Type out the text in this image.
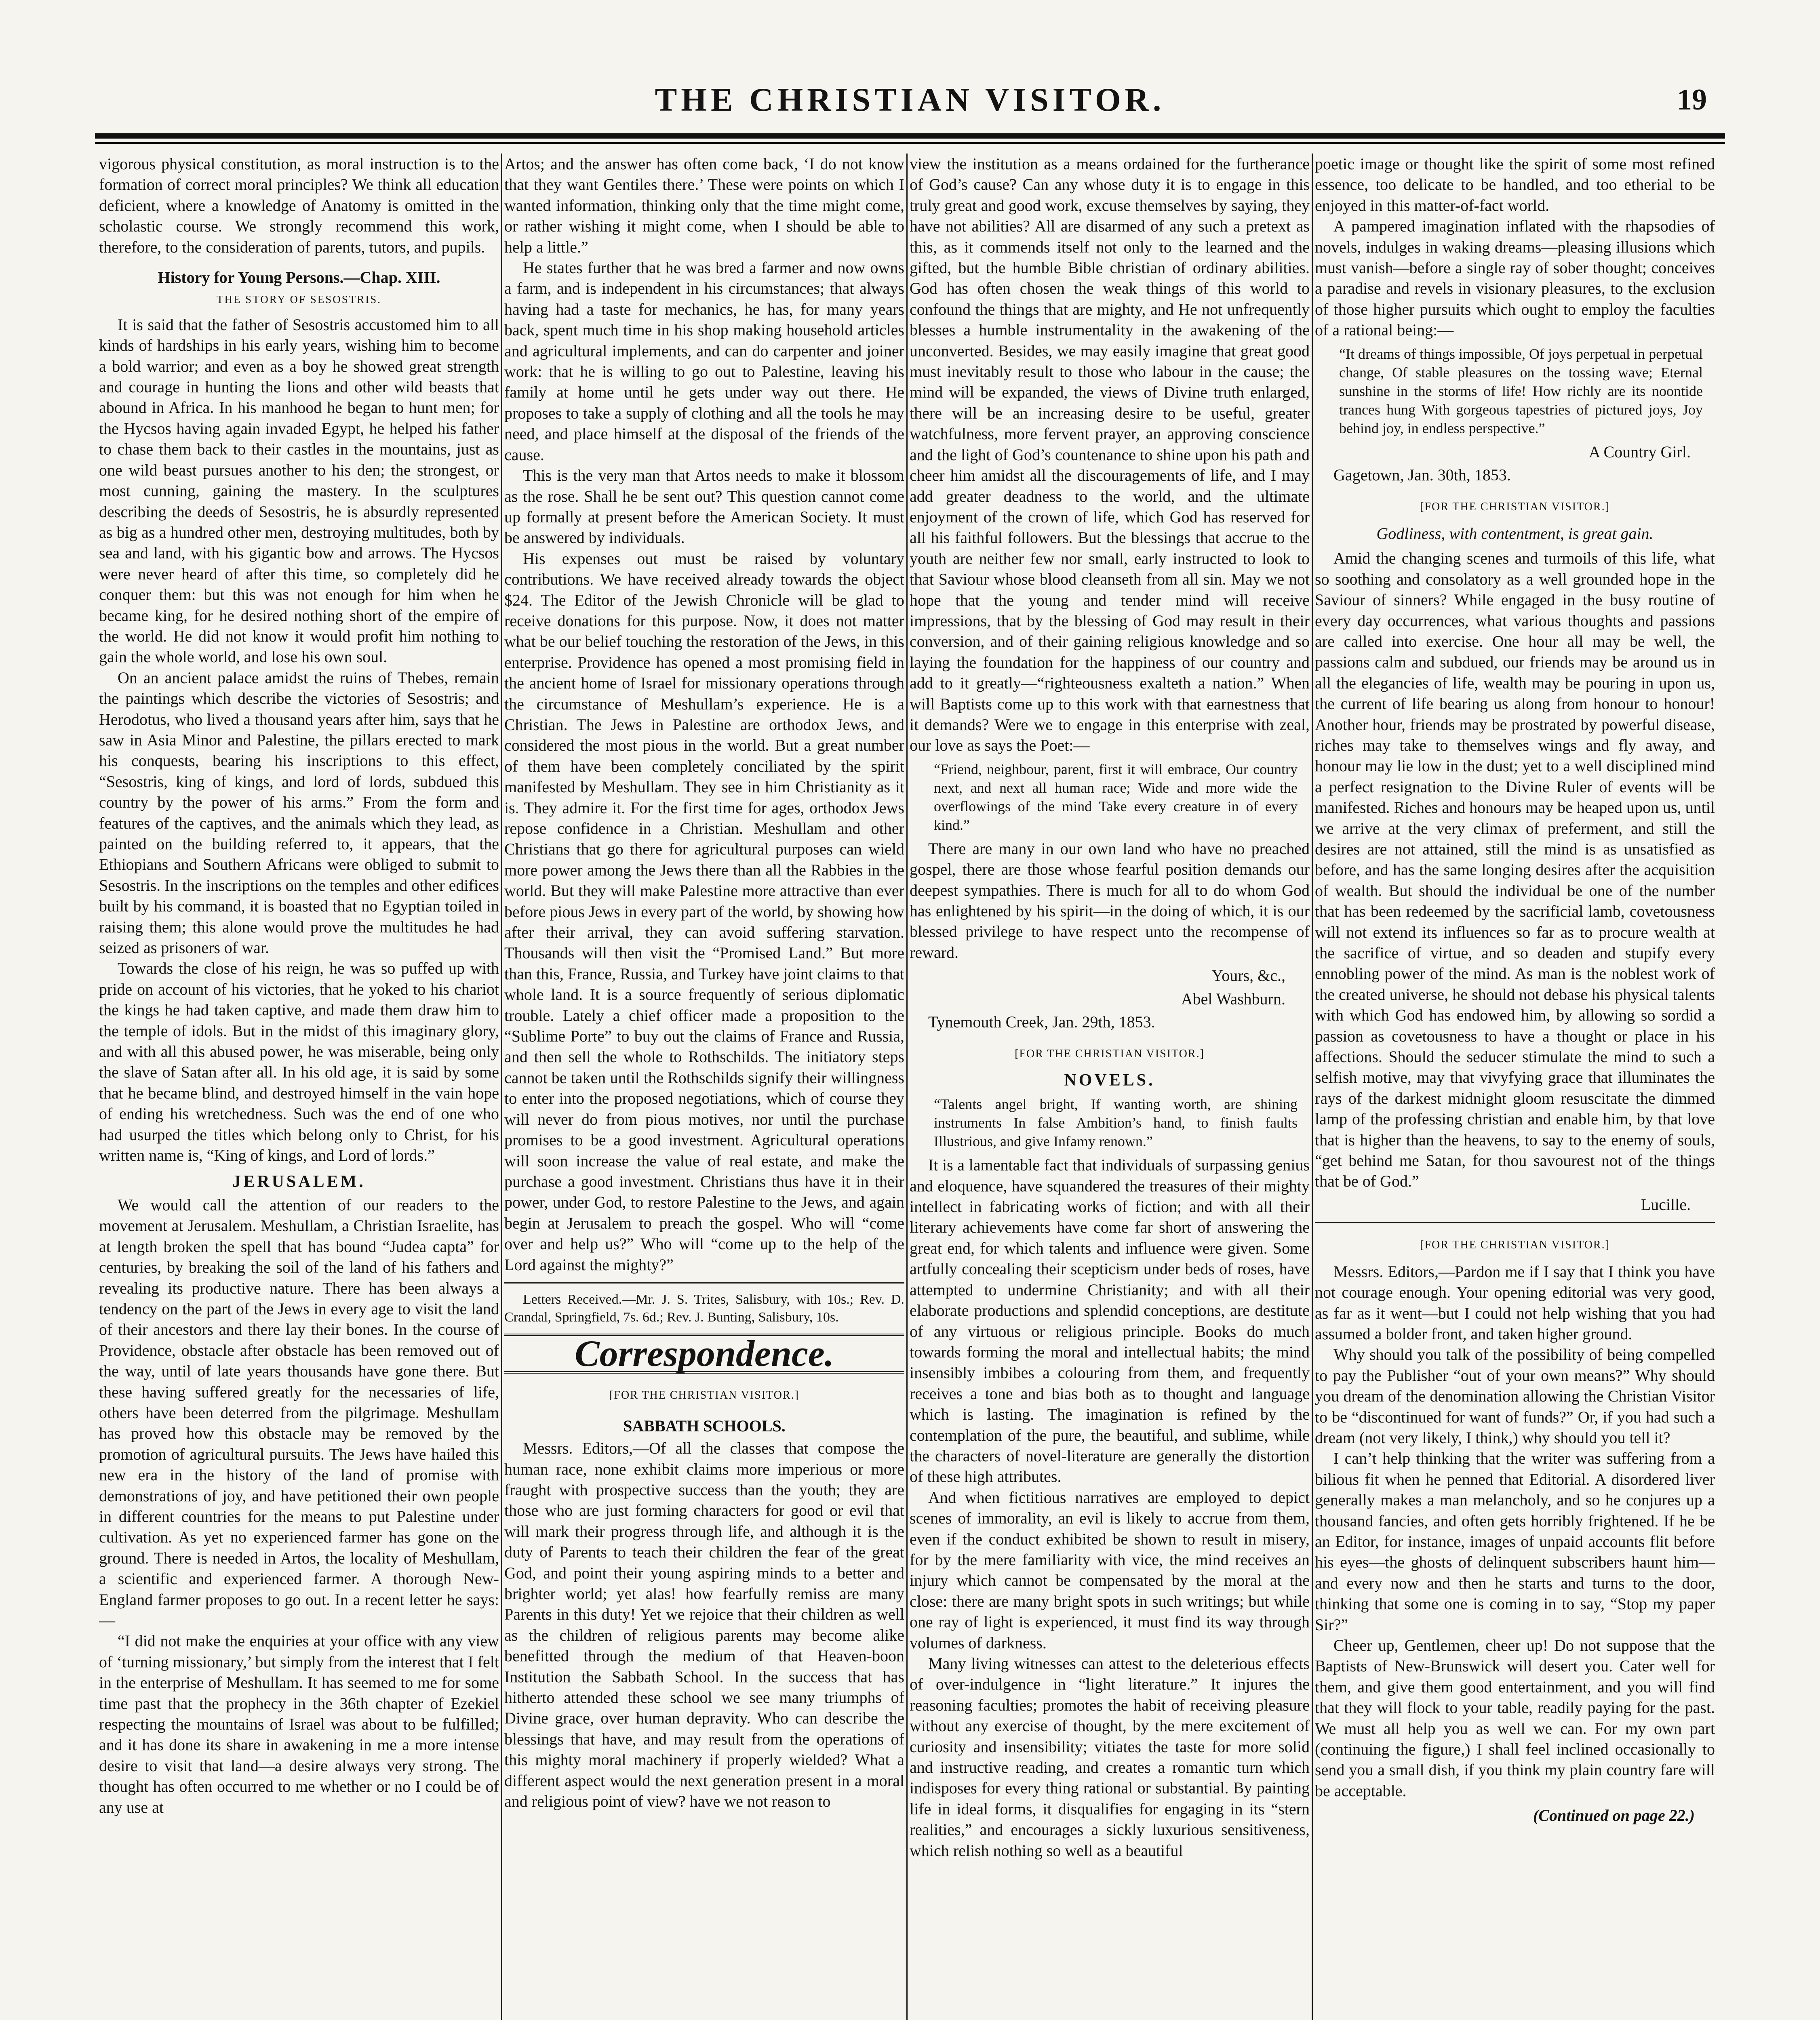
THE CHRISTIAN VISITOR.	19

vigorous physical constitution, as moral instruction is to the formation of correct moral principles? We think all education deficient, where a knowledge of Anatomy is omitted in the scholastic course. We strongly recommend this work, therefore, to the consideration of parents, tutors, and pupils.

History for Young Persons.—Chap. XIII.
THE STORY OF SESOSTRIS.

It is said that the father of Sesostris accustomed him to all kinds of hardships in his early years, wishing him to become a bold warrior; and even as a boy he showed great strength and courage in hunting the lions and other wild beasts that abound in Africa. In his manhood he began to hunt men; for the Hycsos having again invaded Egypt, he helped his father to chase them back to their castles in the mountains, just as one wild beast pursues another to his den; the strongest, or most cunning, gaining the mastery. In the sculptures describing the deeds of Sesostris, he is absurdly represented as big as a hundred other men, destroying multitudes, both by sea and land, with his gigantic bow and arrows. The Hycsos were never heard of after this time, so completely did he conquer them: but this was not enough for him when he became king, for he desired nothing short of the empire of the world. He did not know it would profit him nothing to gain the whole world, and lose his own soul.

On an ancient palace amidst the ruins of Thebes, remain the paintings which describe the victories of Sesostris; and Herodotus, who lived a thousand years after him, says that he saw in Asia Minor and Palestine, the pillars erected to mark his conquests, bearing his inscriptions to this effect, “Sesostris, king of kings, and lord of lords, subdued this country by the power of his arms.” From the form and features of the captives, and the animals which they lead, as painted on the building referred to, it appears, that the Ethiopians and Southern Africans were obliged to submit to Sesostris. In the inscriptions on the temples and other edifices built by his command, it is boasted that no Egyptian toiled in raising them; this alone would prove the multitudes he had seized as prisoners of war.

Towards the close of his reign, he was so puffed up with pride on account of his victories, that he yoked to his chariot the kings he had taken captive, and made them draw him to the temple of idols. But in the midst of this imaginary glory, and with all this abused power, he was miserable, being only the slave of Satan after all. In his old age, it is said by some that he became blind, and destroyed himself in the vain hope of ending his wretchedness. Such was the end of one who had usurped the titles which belong only to Christ, for his written name is, “King of kings, and Lord of lords.”

JERUSALEM.

We would call the attention of our readers to the movement at Jerusalem. Meshullam, a Christian Israelite, has at length broken the spell that has bound “Judea capta” for centuries, by breaking the soil of the land of his fathers and revealing its productive nature. There has been always a tendency on the part of the Jews in every age to visit the land of their ancestors and there lay their bones. In the course of Providence, obstacle after obstacle has been removed out of the way, until of late years thousands have gone there. But these having suffered greatly for the necessaries of life, others have been deterred from the pilgrimage. Meshullam has proved how this obstacle may be removed by the promotion of agricultural pursuits. The Jews have hailed this new era in the history of the land of promise with demonstrations of joy, and have petitioned their own people in different countries for the means to put Palestine under cultivation. As yet no experienced farmer has gone on the ground. There is needed in Artos, the locality of Meshullam, a scientific and experienced farmer. A thorough New-England farmer proposes to go out. In a recent letter he says:—

“I did not make the enquiries at your office with any view of ‘turning missionary,’ but simply from the interest that I felt in the enterprise of Meshullam. It has seemed to me for some time past that the prophecy in the 36th chapter of Ezekiel respecting the mountains of Israel was about to be fulfilled; and it has done its share in awakening in me a more intense desire to visit that land—a desire always very strong. The thought has often occurred to me whether or no I could be of any use at

Artos; and the answer has often come back, ‘I do not know that they want Gentiles there.’ These were points on which I wanted information, thinking only that the time might come, or rather wishing it might come, when I should be able to help a little.”

He states further that he was bred a farmer and now owns a farm, and is independent in his circumstances; that always having had a taste for mechanics, he has, for many years back, spent much time in his shop making household articles and agricultural implements, and can do carpenter and joiner work: that he is willing to go out to Palestine, leaving his family at home until he gets under way out there. He proposes to take a supply of clothing and all the tools he may need, and place himself at the disposal of the friends of the cause.

This is the very man that Artos needs to make it blossom as the rose. Shall he be sent out? This question cannot come up formally at present before the American Society. It must be answered by individuals.

His expenses out must be raised by voluntary contributions. We have received already towards the object $24. The Editor of the Jewish Chronicle will be glad to receive donations for this purpose. Now, it does not matter what be our belief touching the restoration of the Jews, in this enterprise. Providence has opened a most promising field in the ancient home of Israel for missionary operations through the circumstance of Meshullam’s experience. He is a Christian. The Jews in Palestine are orthodox Jews, and considered the most pious in the world. But a great number of them have been completely conciliated by the spirit manifested by Meshullam. They see in him Christianity as it is. They admire it. For the first time for ages, orthodox Jews repose confidence in a Christian. Meshullam and other Christians that go there for agricultural purposes can wield more power among the Jews there than all the Rabbies in the world. But they will make Palestine more attractive than ever before pious Jews in every part of the world, by showing how after their arrival, they can avoid suffering starvation. Thousands will then visit the “Promised Land.” But more than this, France, Russia, and Turkey have joint claims to that whole land. It is a source frequently of serious diplomatic trouble. Lately a chief officer made a proposition to the “Sublime Porte” to buy out the claims of France and Russia, and then sell the whole to Rothschilds. The initiatory steps cannot be taken until the Rothschilds signify their willingness to enter into the proposed negotiations, which of course they will never do from pious motives, nor until the purchase promises to be a good investment. Agricultural operations will soon increase the value of real estate, and make the purchase a good investment. Christians thus have it in their power, under God, to restore Palestine to the Jews, and again begin at Jerusalem to preach the gospel. Who will “come over and help us?” Who will “come up to the help of the Lord against the mighty?”

Letters Received.—Mr. J. S. Trites, Salisbury, with 10s.; Rev. D. Crandal, Springfield, 7s. 6d.; Rev. J. Bunting, Salisbury, 10s.

Correspondence.
[FOR THE CHRISTIAN VISITOR.]
SABBATH SCHOOLS.

Messrs. Editors,—Of all the classes that compose the human race, none exhibit claims more imperious or more fraught with prospective success than the youth; they are those who are just forming characters for good or evil that will mark their progress through life, and although it is the duty of Parents to teach their children the fear of the great God, and point their young aspiring minds to a better and brighter world; yet alas! how fearfully remiss are many Parents in this duty! Yet we rejoice that their children as well as the children of religious parents may become alike benefitted through the medium of that Heaven-boon Institution the Sabbath School. In the success that has hitherto attended these school we see many triumphs of Divine grace, over human depravity. Who can describe the blessings that have, and may result from the operations of this mighty moral machinery if properly wielded? What a different aspect would the next generation present in a moral and religious point of view? have we not reason to

view the institution as a means ordained for the furtherance of God’s cause? Can any whose duty it is to engage in this truly great and good work, excuse themselves by saying, they have not abilities? All are disarmed of any such a pretext as this, as it commends itself not only to the learned and the gifted, but the humble Bible christian of ordinary abilities. God has often chosen the weak things of this world to confound the things that are mighty, and He not unfrequently blesses a humble instrumentality in the awakening of the unconverted. Besides, we may easily imagine that great good must inevitably result to those who labour in the cause; the mind will be expanded, the views of Divine truth enlarged, there will be an increasing desire to be useful, greater watchfulness, more fervent prayer, an approving conscience and the light of God’s countenance to shine upon his path and cheer him amidst all the discouragements of life, and I may add greater deadness to the world, and the ultimate enjoyment of the crown of life, which God has reserved for all his faithful followers. But the blessings that accrue to the youth are neither few nor small, early instructed to look to that Saviour whose blood cleanseth from all sin. May we not hope that the young and tender mind will receive impressions, that by the blessing of God may result in their conversion, and of their gaining religious knowledge and so laying the foundation for the happiness of our country and add to it greatly—“righteousness exalteth a nation.” When will Baptists come up to this work with that earnestness that it demands? Were we to engage in this enterprise with zeal, our love as says the Poet:—

“Friend, neighbour, parent, first it will embrace, Our country next, and next all human race; Wide and more wide the overflowings of the mind Take every creature in of every kind.”

There are many in our own land who have no preached gospel, there are those whose fearful position demands our deepest sympathies. There is much for all to do whom God has enlightened by his spirit—in the doing of which, it is our blessed privilege to have respect unto the recompense of reward.

Yours, &c.,
Abel Washburn.

Tynemouth Creek, Jan. 29th, 1853.

[FOR THE CHRISTIAN VISITOR.]
NOVELS.
“Talents angel bright, If wanting worth, are shining instruments In false Ambition’s hand, to finish faults Illustrious, and give Infamy renown.”

It is a lamentable fact that individuals of surpassing genius and eloquence, have squandered the treasures of their mighty intellect in fabricating works of fiction; and with all their literary achievements have come far short of answering the great end, for which talents and influence were given. Some artfully concealing their scepticism under beds of roses, have attempted to undermine Christianity; and with all their elaborate productions and splendid conceptions, are destitute of any virtuous or religious principle. Books do much towards forming the moral and intellectual habits; the mind insensibly imbibes a colouring from them, and frequently receives a tone and bias both as to thought and language which is lasting. The imagination is refined by the contemplation of the pure, the beautiful, and sublime, while the characters of novel-literature are generally the distortion of these high attributes.

And when fictitious narratives are employed to depict scenes of immorality, an evil is likely to accrue from them, even if the conduct exhibited be shown to result in misery, for by the mere familiarity with vice, the mind receives an injury which cannot be compensated by the moral at the close: there are many bright spots in such writings; but while one ray of light is experienced, it must find its way through volumes of darkness.

Many living witnesses can attest to the deleterious effects of over-indulgence in “light literature.” It injures the reasoning faculties; promotes the habit of receiving pleasure without any exercise of thought, by the mere excitement of curiosity and insensibility; vitiates the taste for more solid and instructive reading, and creates a romantic turn which indisposes for every thing rational or substantial. By painting life in ideal forms, it disqualifies for engaging in its “stern realities,” and encourages a sickly luxurious sensitiveness, which relish nothing so well as a beautiful

poetic image or thought like the spirit of some most refined essence, too delicate to be handled, and too etherial to be enjoyed in this matter-of-fact world.

A pampered imagination inflated with the rhapsodies of novels, indulges in waking dreams—pleasing illusions which must vanish—before a single ray of sober thought; conceives a paradise and revels in visionary pleasures, to the exclusion of those higher pursuits which ought to employ the faculties of a rational being:—

“It dreams of things impossible, Of joys perpetual in perpetual change, Of stable pleasures on the tossing wave; Eternal sunshine in the storms of life! How richly are its noontide trances hung With gorgeous tapestries of pictured joys, Joy behind joy, in endless perspective.”
A Country Girl.

Gagetown, Jan. 30th, 1853.

[FOR THE CHRISTIAN VISITOR.]
Godliness, with contentment, is great gain.

Amid the changing scenes and turmoils of this life, what so soothing and consolatory as a well grounded hope in the Saviour of sinners? While engaged in the busy routine of every day occurrences, what various thoughts and passions are called into exercise. One hour all may be well, the passions calm and subdued, our friends may be around us in all the elegancies of life, wealth may be pouring in upon us, the current of life bearing us along from honour to honour! Another hour, friends may be prostrated by powerful disease, riches may take to themselves wings and fly away, and honour may lie low in the dust; yet to a well disciplined mind a perfect resignation to the Divine Ruler of events will be manifested. Riches and honours may be heaped upon us, until we arrive at the very climax of preferment, and still the desires are not attained, still the mind is as unsatisfied as before, and has the same longing desires after the acquisition of wealth. But should the individual be one of the number that has been redeemed by the sacrificial lamb, covetousness will not extend its influences so far as to procure wealth at the sacrifice of virtue, and so deaden and stupify every ennobling power of the mind. As man is the noblest work of the created universe, he should not debase his physical talents with which God has endowed him, by allowing so sordid a passion as covetousness to have a thought or place in his affections. Should the seducer stimulate the mind to such a selfish motive, may that vivyfying grace that illuminates the rays of the darkest midnight gloom resuscitate the dimmed lamp of the professing christian and enable him, by that love that is higher than the heavens, to say to the enemy of souls, “get behind me Satan, for thou savourest not of the things that be of God.”

Lucille.
[FOR THE CHRISTIAN VISITOR.]

Messrs. Editors,—Pardon me if I say that I think you have not courage enough. Your opening editorial was very good, as far as it went—but I could not help wishing that you had assumed a bolder front, and taken higher ground.

Why should you talk of the possibility of being compelled to pay the Publisher “out of your own means?” Why should you dream of the denomination allowing the Christian Visitor to be “discontinued for want of funds?” Or, if you had such a dream (not very likely, I think,) why should you tell it?

I can’t help thinking that the writer was suffering from a bilious fit when he penned that Editorial. A disordered liver generally makes a man melancholy, and so he conjures up a thousand fancies, and often gets horribly frightened. If he be an Editor, for instance, images of unpaid accounts flit before his eyes—the ghosts of delinquent subscribers haunt him—and every now and then he starts and turns to the door, thinking that some one is coming in to say, “Stop my paper Sir?”

Cheer up, Gentlemen, cheer up! Do not suppose that the Baptists of New-Brunswick will desert you. Cater well for them, and give them good entertainment, and you will find that they will flock to your table, readily paying for the past. We must all help you as well we can. For my own part (continuing the figure,) I shall feel inclined occasionally to send you a small dish, if you think my plain country fare will be acceptable.

(Continued on page 22.)
